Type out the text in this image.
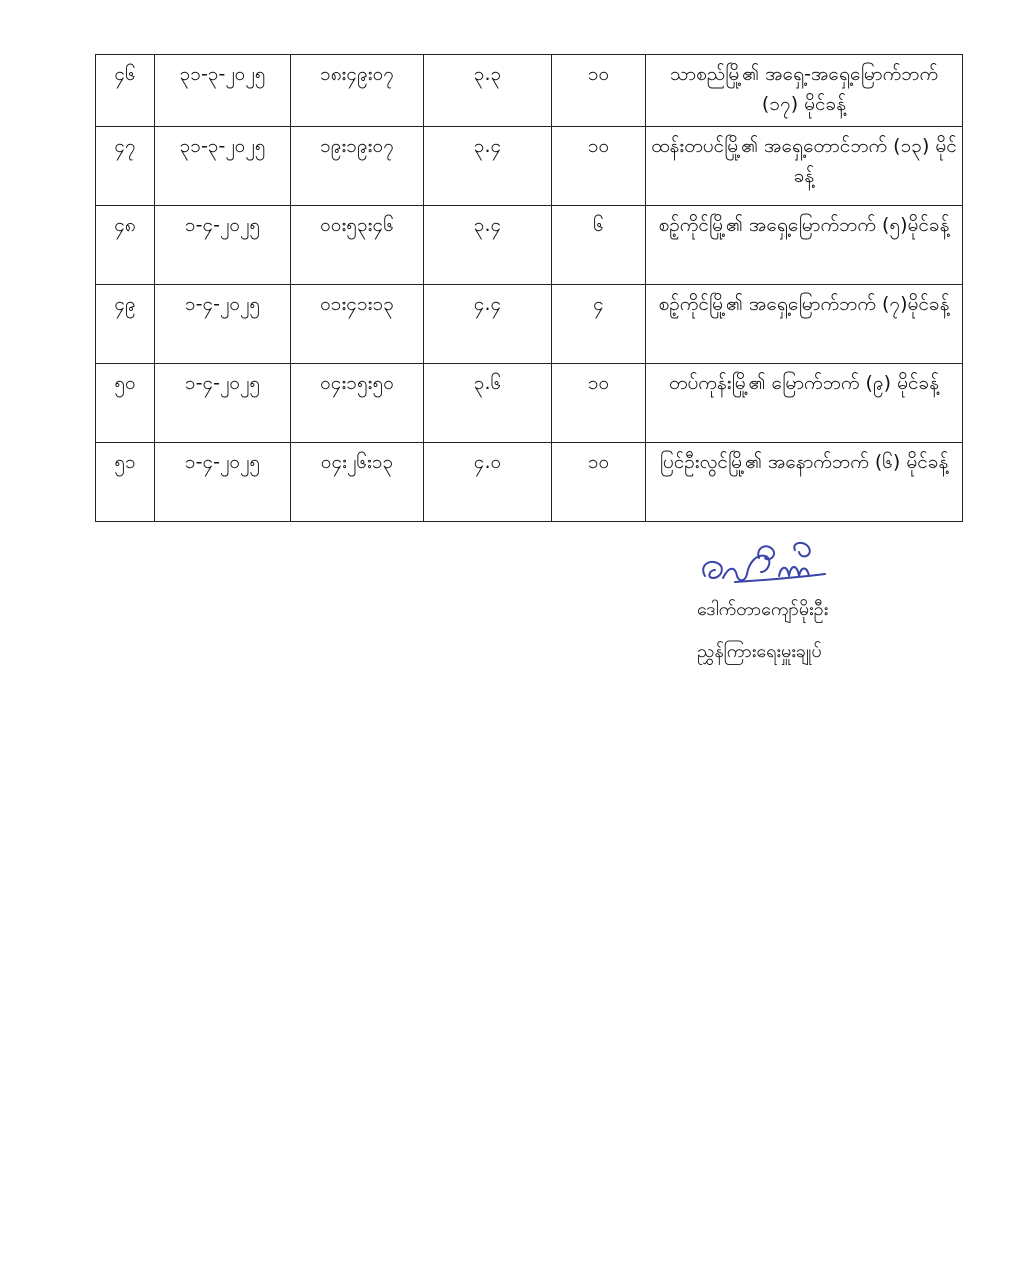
၄၆	၃၁-၃-၂၀၂၅	၁၈း၄၉း၀၇	၃.၃	၁၀	သာစည်မြို့၏ အရှေ့-အရှေ့မြောက်ဘက် (၁၇) မိုင်ခန့်
၄၇	၃၁-၃-၂၀၂၅	၁၉း၁၉း၀၇	၃.၄	၁၀	ထန်းတပင်မြို့၏ အရှေ့တောင်ဘက် (၁၃) မိုင်ခန့်
၄၈	၁-၄-၂၀၂၅	၀၀း၅၃း၄၆	၃.၄	၆	စဉ့်ကိုင်မြို့၏ အရှေ့မြောက်ဘက် (၅)မိုင်ခန့်
၄၉	၁-၄-၂၀၂၅	၀၁း၄၁း၁၃	၄.၄	၄	စဉ့်ကိုင်မြို့၏ အရှေ့မြောက်ဘက် (၇)မိုင်ခန့်
၅၀	၁-၄-၂၀၂၅	၀၄း၁၅း၅၀	၃.၆	၁၀	တပ်ကုန်းမြို့၏ မြောက်ဘက် (၉) မိုင်ခန့်
၅၁	၁-၄-၂၀၂၅	၀၄း၂၆း၁၃	၄.၀	၁၀	ပြင်ဦးလွင်မြို့၏ အနောက်ဘက် (၆) မိုင်ခန့်
ဒေါက်တာကျော်မိုးဦး
ညွှန်ကြားရေးမှူးချုပ်
